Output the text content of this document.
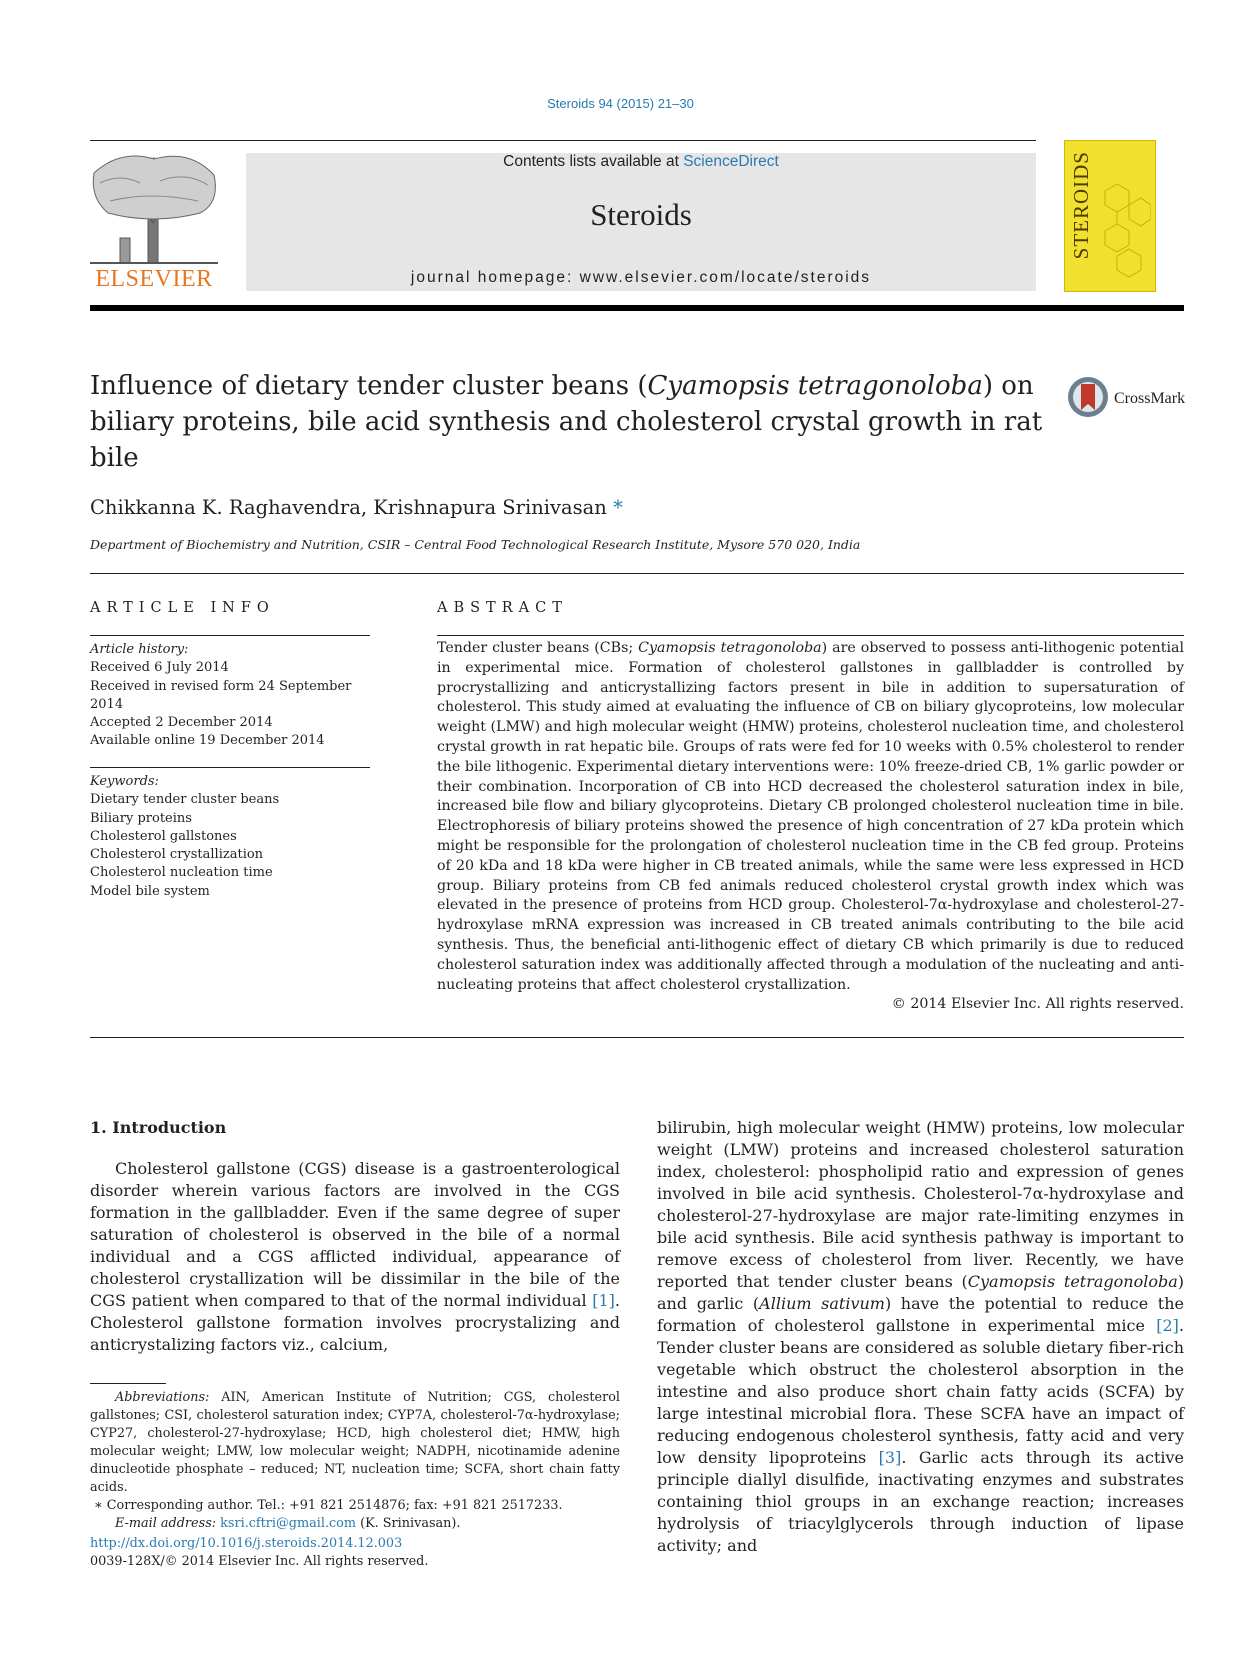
Steroids 94 (2015) 21–30
ELSEVIER
Contents lists available at ScienceDirect
Steroids
journal homepage: www.elsevier.com/locate/steroids
STEROIDS
Influence of dietary tender cluster beans (Cyamopsis tetragonoloba) on biliary proteins, bile acid synthesis and cholesterol crystal growth in rat bile
CrossMark
Chikkanna K. Raghavendra, Krishnapura Srinivasan *
Department of Biochemistry and Nutrition, CSIR – Central Food Technological Research Institute, Mysore 570 020, India
ARTICLE INFO	ABSTRACT
Article history:
Received 6 July 2014
Received in revised form 24 September 2014
Accepted 2 December 2014
Available online 19 December 2014
Keywords:
Dietary tender cluster beans
Biliary proteins
Cholesterol gallstones
Cholesterol crystallization
Cholesterol nucleation time
Model bile system

Tender cluster beans (CBs; Cyamopsis tetragonoloba) are observed to possess anti-lithogenic potential in experimental mice. Formation of cholesterol gallstones in gallbladder is controlled by procrystallizing and anticrystallizing factors present in bile in addition to supersaturation of cholesterol. This study aimed at evaluating the influence of CB on biliary glycoproteins, low molecular weight (LMW) and high molecular weight (HMW) proteins, cholesterol nucleation time, and cholesterol crystal growth in rat hepatic bile. Groups of rats were fed for 10 weeks with 0.5% cholesterol to render the bile lithogenic. Experimental dietary interventions were: 10% freeze-dried CB, 1% garlic powder or their combination. Incorporation of CB into HCD decreased the cholesterol saturation index in bile, increased bile flow and biliary glycoproteins. Dietary CB prolonged cholesterol nucleation time in bile. Electrophoresis of biliary proteins showed the presence of high concentration of 27 kDa protein which might be responsible for the prolongation of cholesterol nucleation time in the CB fed group. Proteins of 20 kDa and 18 kDa were higher in CB treated animals, while the same were less expressed in HCD group. Biliary proteins from CB fed animals reduced cholesterol crystal growth index which was elevated in the presence of proteins from HCD group. Cholesterol-7α-hydroxylase and cholesterol-27-hydroxylase mRNA expression was increased in CB treated animals contributing to the bile acid synthesis. Thus, the beneficial anti-lithogenic effect of dietary CB which primarily is due to reduced cholesterol saturation index was additionally affected through a modulation of the nucleating and anti-nucleating proteins that affect cholesterol crystallization.

© 2014 Elsevier Inc. All rights reserved.

1. Introduction

Cholesterol gallstone (CGS) disease is a gastroenterological disorder wherein various factors are involved in the CGS formation in the gallbladder. Even if the same degree of super saturation of cholesterol is observed in the bile of a normal individual and a CGS afflicted individual, appearance of cholesterol crystallization will be dissimilar in the bile of the CGS patient when compared to that of the normal individual [1]. Cholesterol gallstone formation involves procrystalizing and anticrystalizing factors viz., calcium,

bilirubin, high molecular weight (HMW) proteins, low molecular weight (LMW) proteins and increased cholesterol saturation index, cholesterol: phospholipid ratio and expression of genes involved in bile acid synthesis. Cholesterol-7α-hydroxylase and cholesterol-27-hydroxylase are major rate-limiting enzymes in bile acid synthesis. Bile acid synthesis pathway is important to remove excess of cholesterol from liver. Recently, we have reported that tender cluster beans (Cyamopsis tetragonoloba) and garlic (Allium sativum) have the potential to reduce the formation of cholesterol gallstone in experimental mice [2]. Tender cluster beans are considered as soluble dietary fiber-rich vegetable which obstruct the cholesterol absorption in the intestine and also produce short chain fatty acids (SCFA) by large intestinal microbial flora. These SCFA have an impact of reducing endogenous cholesterol synthesis, fatty acid and very low density lipoproteins [3]. Garlic acts through its active principle diallyl disulfide, inactivating enzymes and substrates containing thiol groups in an exchange reaction; increases hydrolysis of triacylglycerols through induction of lipase activity; and

Abbreviations: AIN, American Institute of Nutrition; CGS, cholesterol gallstones; CSI, cholesterol saturation index; CYP7A, cholesterol-7α-hydroxylase; CYP27, cholesterol-27-hydroxylase; HCD, high cholesterol diet; HMW, high molecular weight; LMW, low molecular weight; NADPH, nicotinamide adenine dinucleotide phosphate – reduced; NT, nucleation time; SCFA, short chain fatty acids.

∗ Corresponding author. Tel.: +91 821 2514876; fax: +91 821 2517233.

E-mail address: ksri.cftri@gmail.com (K. Srinivasan).

http://dx.doi.org/10.1016/j.steroids.2014.12.003
0039-128X/© 2014 Elsevier Inc. All rights reserved.
